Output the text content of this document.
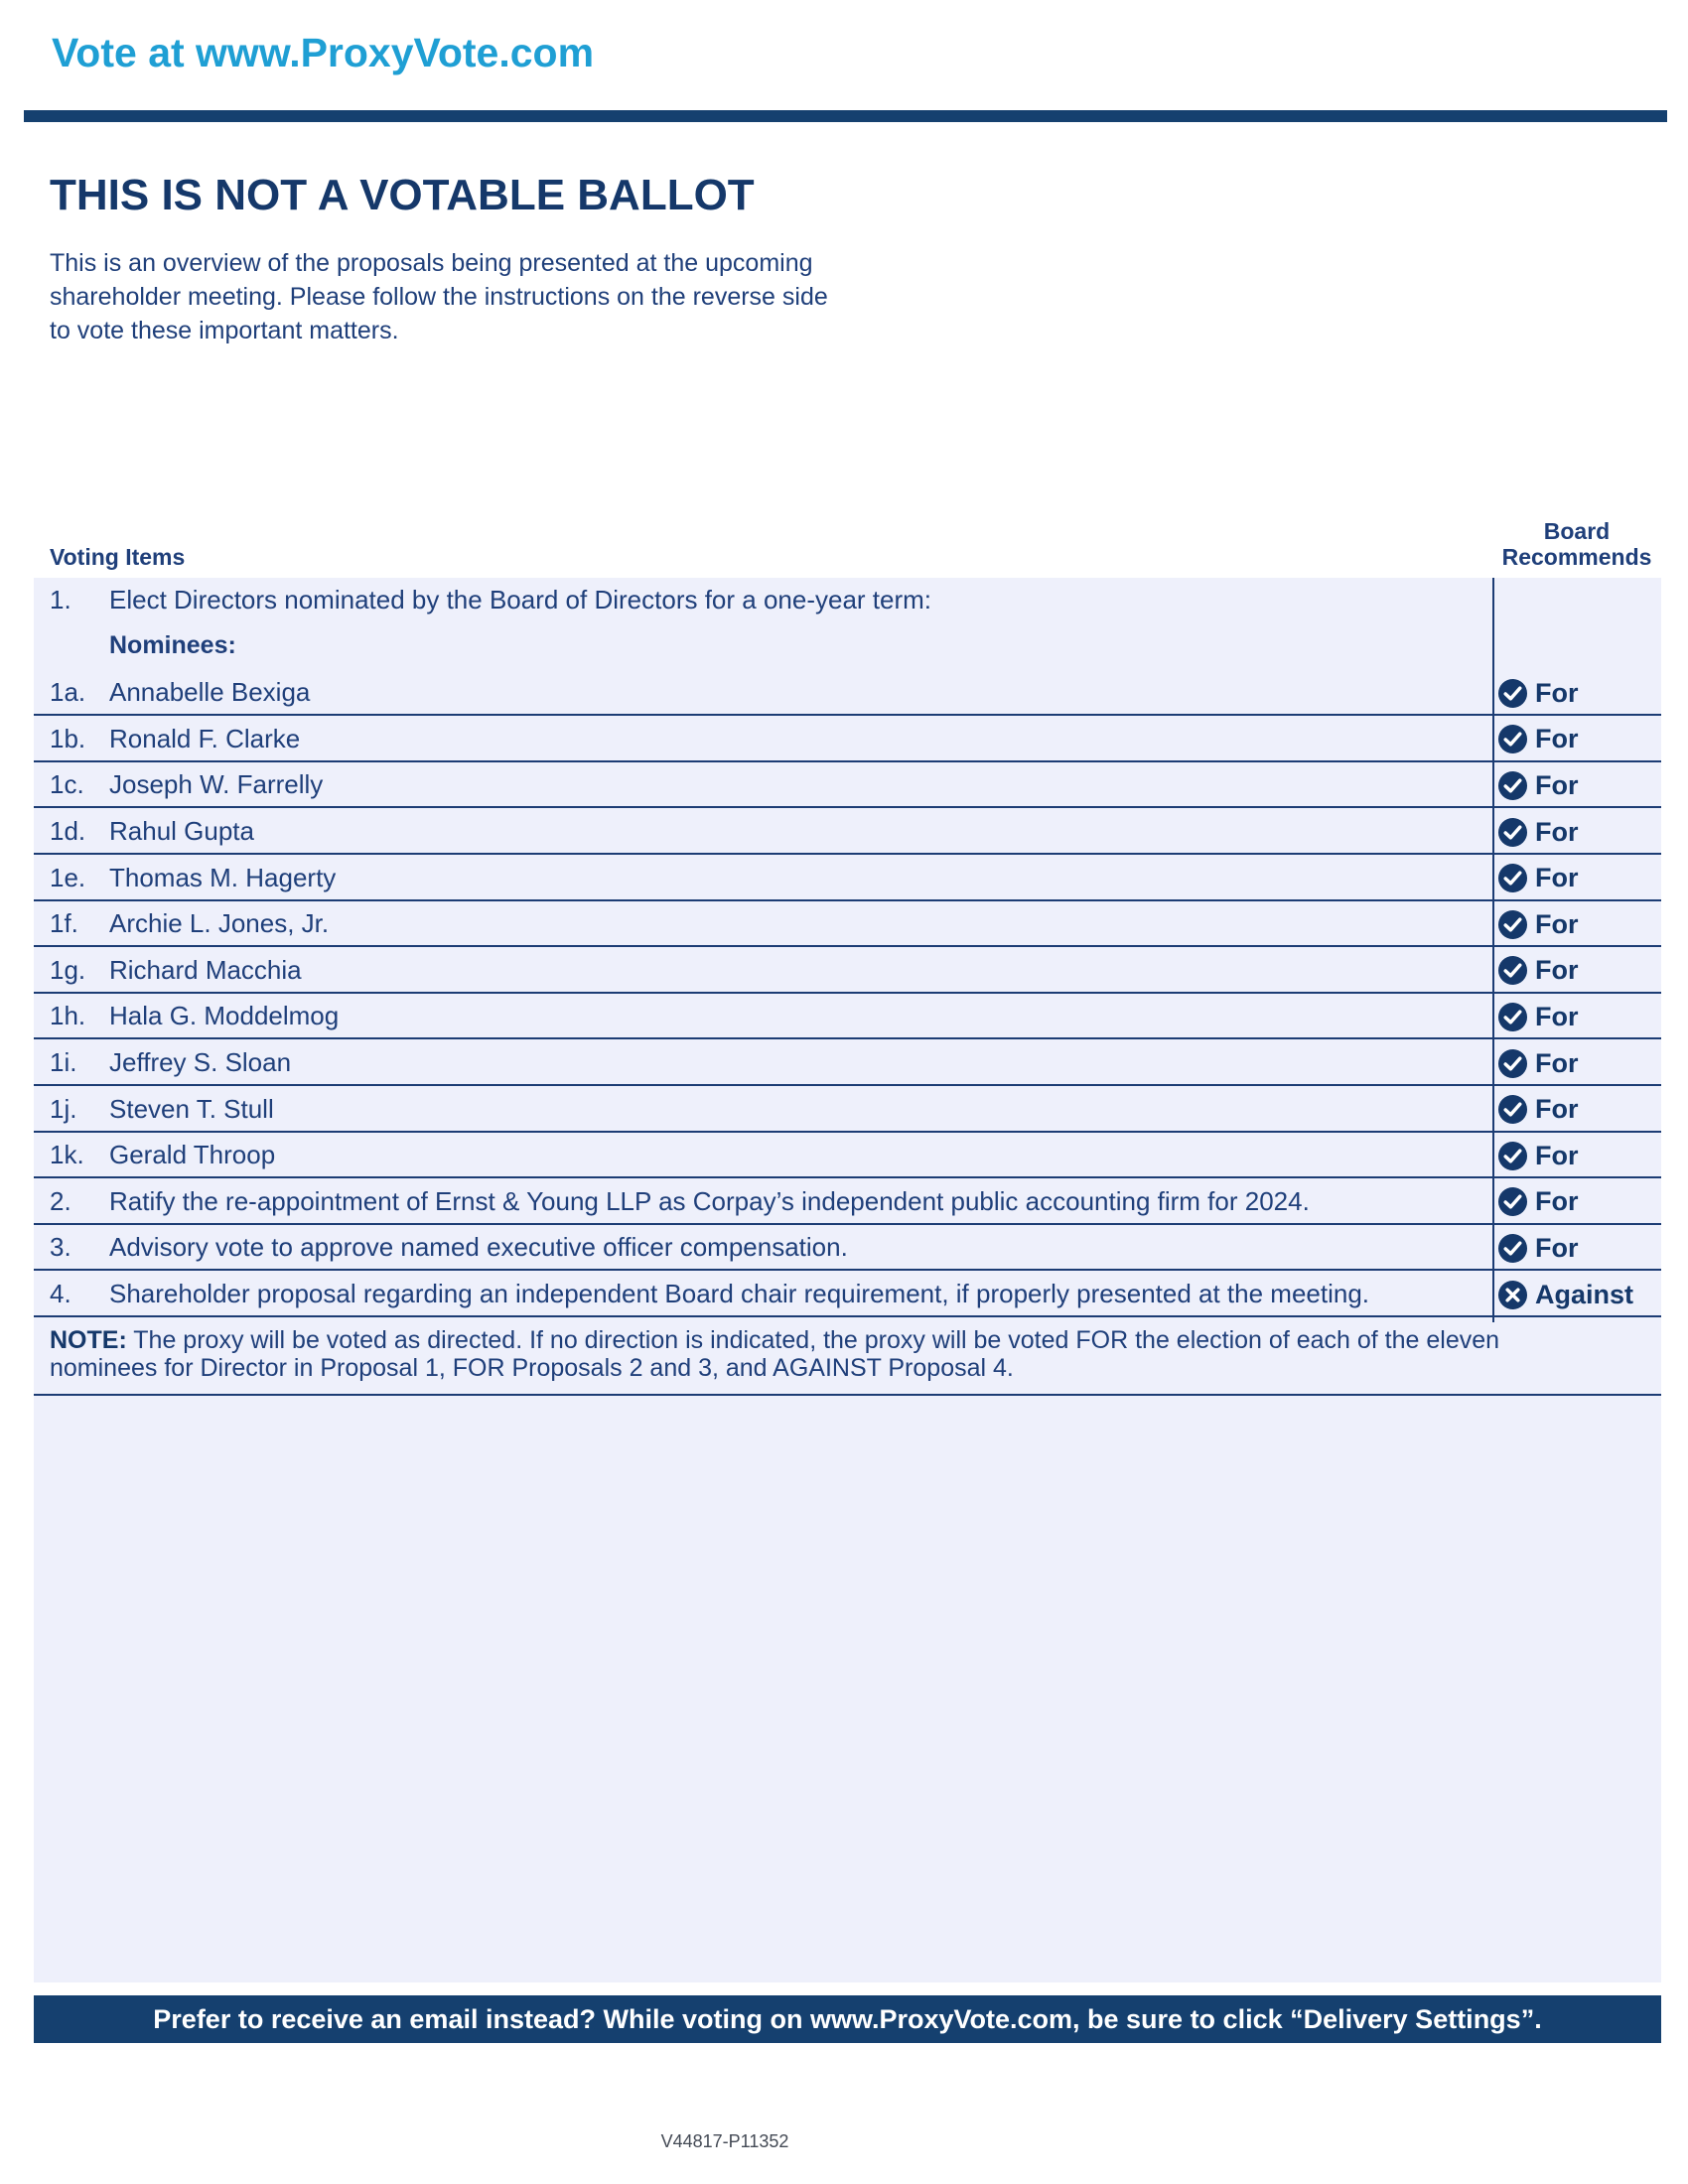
Vote at www.ProxyVote.com
THIS IS NOT A VOTABLE BALLOT
This is an overview of the proposals being presented at the upcoming shareholder meeting. Please follow the instructions on the reverse side to vote these important matters.
Voting Items
Board
Recommends
1. Elect Directors nominated by the Board of Directors for a one-year term:
Nominees:
1a. Annabelle Bexiga	For
1b. Ronald F. Clarke	For
1c. Joseph W. Farrelly	For
1d. Rahul Gupta	For
1e. Thomas M. Hagerty	For
1f. Archie L. Jones, Jr.	For
1g. Richard Macchia	For
1h. Hala G. Moddelmog	For
1i. Jeffrey S. Sloan	For
1j. Steven T. Stull	For
1k. Gerald Throop	For
2. Ratify the re-appointment of Ernst & Young LLP as Corpay’s independent public accounting firm for 2024.	For
3. Advisory vote to approve named executive officer compensation.	For
4. Shareholder proposal regarding an independent Board chair requirement, if properly presented at the meeting.	Against
NOTE: The proxy will be voted as directed. If no direction is indicated, the proxy will be voted FOR the election of each of the eleven nominees for Director in Proposal 1, FOR Proposals 2 and 3, and AGAINST Proposal 4.
Prefer to receive an email instead? While voting on www.ProxyVote.com, be sure to click “Delivery Settings”.
V44817-P11352
